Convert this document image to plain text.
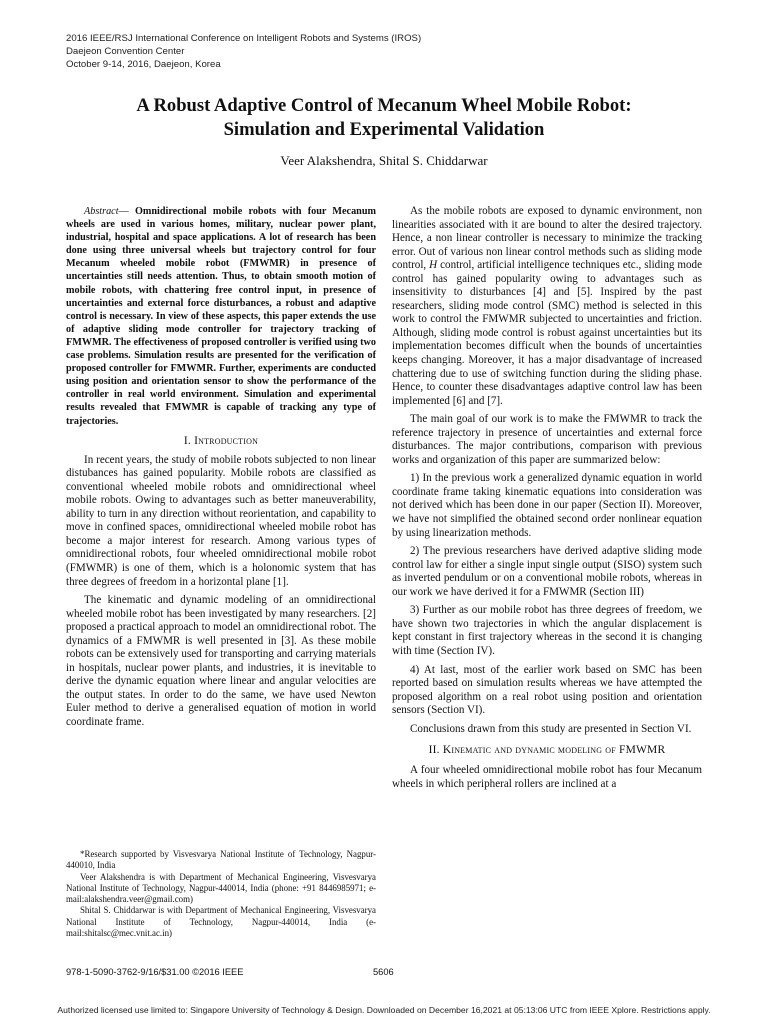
2016 IEEE/RSJ International Conference on Intelligent Robots and Systems (IROS)
Daejeon Convention Center
October 9-14, 2016, Daejeon, Korea
A Robust Adaptive Control of Mecanum Wheel Mobile Robot:
Simulation and Experimental Validation
Veer Alakshendra, Shital S. Chiddarwar

Abstract— Omnidirectional mobile robots with four Mecanum wheels are used in various homes, military, nuclear power plant, industrial, hospital and space applications. A lot of research has been done using three universal wheels but trajectory control for four Mecanum wheeled mobile robot (FMWMR) in presence of uncertainties still needs attention. Thus, to obtain smooth motion of mobile robots, with chattering free control input, in presence of uncertainties and external force disturbances, a robust and adaptive control is necessary. In view of these aspects, this paper extends the use of adaptive sliding mode controller for trajectory tracking of FMWMR. The effectiveness of proposed controller is verified using two case problems. Simulation results are presented for the verification of proposed controller for FMWMR. Further, experiments are conducted using position and orientation sensor to show the performance of the controller in real world environment. Simulation and experimental results revealed that FMWMR is capable of tracking any type of trajectories.

I. Introduction

In recent years, the study of mobile robots subjected to non linear distubances has gained popularity. Mobile robots are classified as conventional wheeled mobile robots and omnidirectional wheel mobile robots. Owing to advantages such as better maneuverability, ability to turn in any direction without reorientation, and capability to move in confined spaces, omnidirectional wheeled mobile robot has become a major interest for research. Among various types of omnidirectional robots, four wheeled omnidirectional mobile robot (FMWMR) is one of them, which is a holonomic system that has three degrees of freedom in a horizontal plane [1].

The kinematic and dynamic modeling of an omnidirectional wheeled mobile robot has been investigated by many researchers. [2] proposed a practical approach to model an omnidirectional robot. The dynamics of a FMWMR is well presented in [3]. As these mobile robots can be extensively used for transporting and carrying materials in hospitals, nuclear power plants, and industries, it is inevitable to derive the dynamic equation where linear and angular velocities are the output states. In order to do the same, we have used Newton Euler method to derive a generalised equation of motion in world coordinate frame.

*Research supported by Visvesvarya National Institute of Technology, Nagpur-440010, India

Veer Alakshendra is with Department of Mechanical Engineering, Visvesvarya National Institute of Technology, Nagpur-440014, India (phone: +91 8446985971; e-mail:alakshendra.veer@gmail.com)

Shital S. Chiddarwar is with Department of Mechanical Engineering, Visvesvarya National Institute of Technology, Nagpur-440014, India (e-mail:shitalsc@mec.vnit.ac.in)

As the mobile robots are exposed to dynamic environment, non linearities associated with it are bound to alter the desired trajectory. Hence, a non linear controller is necessary to minimize the tracking error. Out of various non linear control methods such as sliding mode control, H control, artificial intelligence techniques etc., sliding mode control has gained popularity owing to advantages such as insensitivity to disturbances [4] and [5]. Inspired by the past researchers, sliding mode control (SMC) method is selected in this work to control the FMWMR subjected to uncertainties and friction. Although, sliding mode control is robust against uncertainties but its implementation becomes difficult when the bounds of uncertainties keeps changing. Moreover, it has a major disadvantage of increased chattering due to use of switching function during the sliding phase. Hence, to counter these disadvantages adaptive control law has been implemented [6] and [7].

The main goal of our work is to make the FMWMR to track the reference trajectory in presence of uncertainties and external force disturbances. The major contributions, comparison with previous works and organization of this paper are summarized below:

1) In the previous work a generalized dynamic equation in world coordinate frame taking kinematic equations into consideration was not derived which has been done in our paper (Section II). Moreover, we have not simplified the obtained second order nonlinear equation by using linearization methods.

2) The previous researchers have derived adaptive sliding mode control law for either a single input single output (SISO) system such as inverted pendulum or on a conventional mobile robots, whereas in our work we have derived it for a FMWMR (Section III)

3) Further as our mobile robot has three degrees of freedom, we have shown two trajectories in which the angular displacement is kept constant in first trajectory whereas in the second it is changing with time (Section IV).

4) At last, most of the earlier work based on SMC has been reported based on simulation results whereas we have attempted the proposed algorithm on a real robot using position and orientation sensors (Section VI).

Conclusions drawn from this study are presented in Section VI.

II. Kinematic and dynamic modeling of FMWMR

A four wheeled omnidirectional mobile robot has four Mecanum wheels in which peripheral rollers are inclined at a

978-1-5090-3762-9/16/$31.00 ©2016 IEEE	5606
Authorized licensed use limited to: Singapore University of Technology & Design. Downloaded on December 16,2021 at 05:13:06 UTC from IEEE Xplore. Restrictions apply.
